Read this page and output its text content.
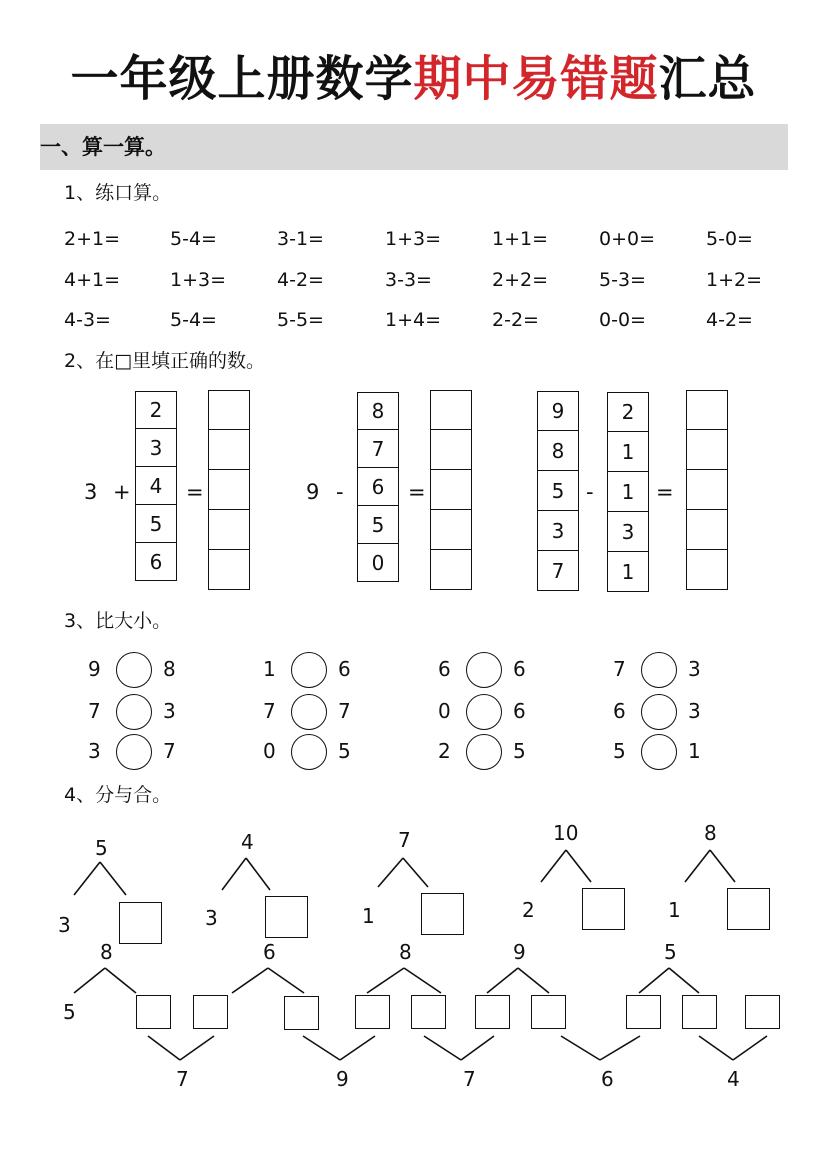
一年级上册数学期中易错题汇总
一、算一算。
1、练口算。
2+1=	5-4=	3-1=	1+3=	1+1=	0+0=	5-0=
4+1=	1+3=	4-2=	3-3=	2+2=	5-3=	1+2=
4-3=	5-4=	5-5=	1+4=	2-2=	0-0=	4-2=
2、在□里填正确的数。
3 +
2
3
4
5
6
=	9 -
8
7
6
5
0
=
9
8
5
3
7
-
2
1
1
3
1
=
3、比大小。
9	8	1	6	6	6	7	3
7	3	7	7	0	6	6	3
3	7	0	5	2	5	5	1
4、分与合。
5
3
4
3
7
1
10
2
8
1
8	6	8	9	5
5
7	9	7	6	4
